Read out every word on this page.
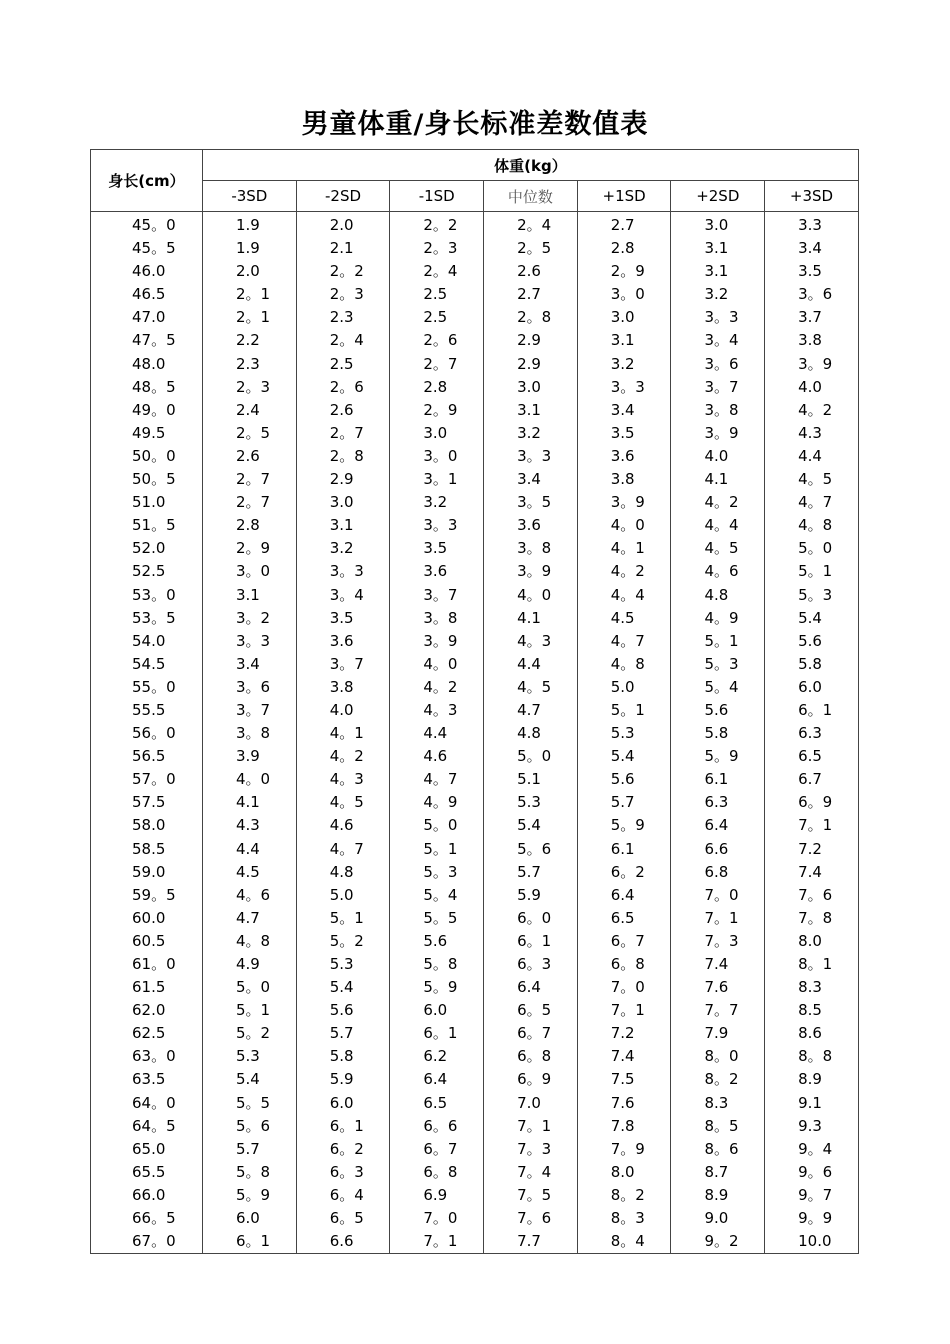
男童体重/身长标准差数值表
身长(cm）	体重(kg）						
	-3SD	-2SD	-1SD	中位数	+1SD	+2SD	+3SD
45。0	1.9	2.0	2。2	2。4	2.7	3.0	3.3
45。5	1.9	2.1	2。3	2。5	2.8	3.1	3.4
46.0	2.0	2。2	2。4	2.6	2。9	3.1	3.5
46.5	2。1	2。3	2.5	2.7	3。0	3.2	3。6
47.0	2。1	2.3	2.5	2。8	3.0	3。3	3.7
47。5	2.2	2。4	2。6	2.9	3.1	3。4	3.8
48.0	2.3	2.5	2。7	2.9	3.2	3。6	3。9
48。5	2。3	2。6	2.8	3.0	3。3	3。7	4.0
49。0	2.4	2.6	2。9	3.1	3.4	3。8	4。2
49.5	2。5	2。7	3.0	3.2	3.5	3。9	4.3
50。0	2.6	2。8	3。0	3。3	3.6	4.0	4.4
50。5	2。7	2.9	3。1	3.4	3.8	4.1	4。5
51.0	2。7	3.0	3.2	3。5	3。9	4。2	4。7
51。5	2.8	3.1	3。3	3.6	4。0	4。4	4。8
52.0	2。9	3.2	3.5	3。8	4。1	4。5	5。0
52.5	3。0	3。3	3.6	3。9	4。2	4。6	5。1
53。0	3.1	3。4	3。7	4。0	4。4	4.8	5。3
53。5	3。2	3.5	3。8	4.1	4.5	4。9	5.4
54.0	3。3	3.6	3。9	4。3	4。7	5。1	5.6
54.5	3.4	3。7	4。0	4.4	4。8	5。3	5.8
55。0	3。6	3.8	4。2	4。5	5.0	5。4	6.0
55.5	3。7	4.0	4。3	4.7	5。1	5.6	6。1
56。0	3。8	4。1	4.4	4.8	5.3	5.8	6.3
56.5	3.9	4。2	4.6	5。0	5.4	5。9	6.5
57。0	4。0	4。3	4。7	5.1	5.6	6.1	6.7
57.5	4.1	4。5	4。9	5.3	5.7	6.3	6。9
58.0	4.3	4.6	5。0	5.4	5。9	6.4	7。1
58.5	4.4	4。7	5。1	5。6	6.1	6.6	7.2
59.0	4.5	4.8	5。3	5.7	6。2	6.8	7.4
59。5	4。6	5.0	5。4	5.9	6.4	7。0	7。6
60.0	4.7	5。1	5。5	6。0	6.5	7。1	7。8
60.5	4。8	5。2	5.6	6。1	6。7	7。3	8.0
61。0	4.9	5.3	5。8	6。3	6。8	7.4	8。1
61.5	5。0	5.4	5。9	6.4	7。0	7.6	8.3
62.0	5。1	5.6	6.0	6。5	7。1	7。7	8.5
62.5	5。2	5.7	6。1	6。7	7.2	7.9	8.6
63。0	5.3	5.8	6.2	6。8	7.4	8。0	8。8
63.5	5.4	5.9	6.4	6。9	7.5	8。2	8.9
64。0	5。5	6.0	6.5	7.0	7.6	8.3	9.1
64。5	5。6	6。1	6。6	7。1	7.8	8。5	9.3
65.0	5.7	6。2	6。7	7。3	7。9	8。6	9。4
65.5	5。8	6。3	6。8	7。4	8.0	8.7	9。6
66.0	5。9	6。4	6.9	7。5	8。2	8.9	9。7
66。5	6.0	6。5	7。0	7。6	8。3	9.0	9。9
67。0	6。1	6.6	7。1	7.7	8。4	9。2	10.0
